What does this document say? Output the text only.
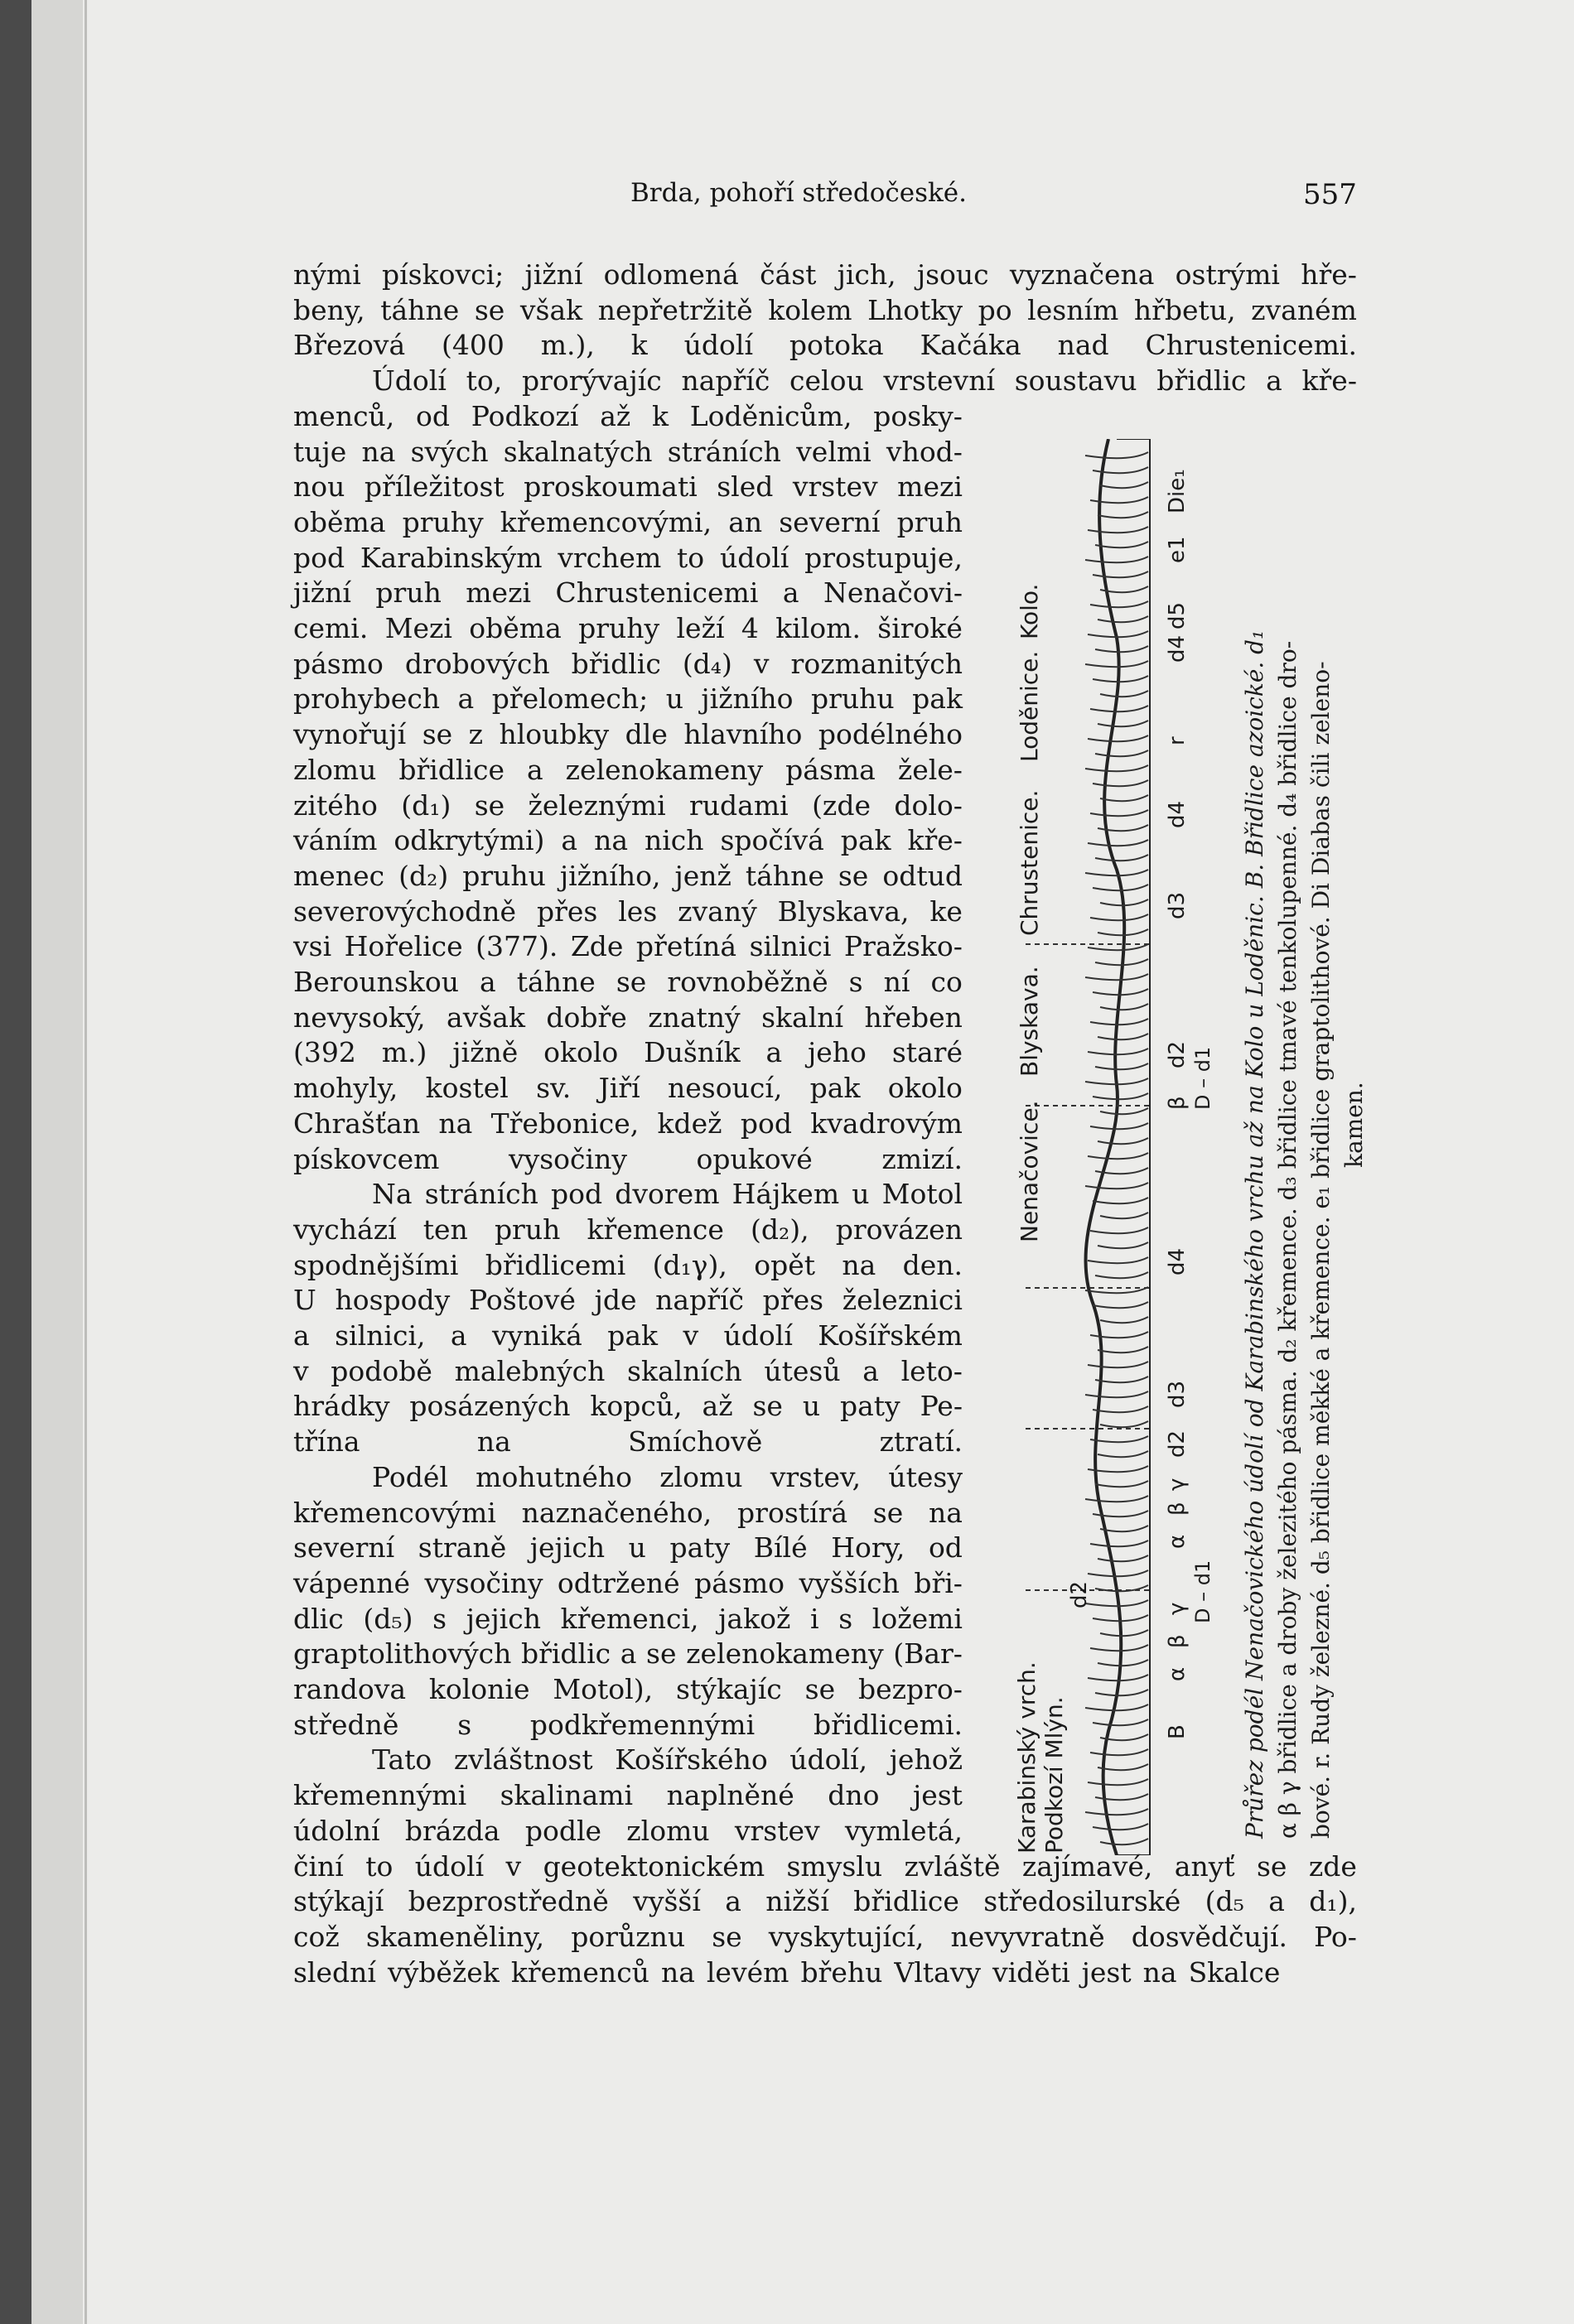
Brda, pohoří středočeské.	557
nými pískovci; jižní odlomená část jich, jsouc vyznačena ostrými hře-
beny, táhne se však nepřetržitě kolem Lhotky po lesním hřbetu, zvaném
Březová (400 m.), k údolí potoka Kačáka nad Chrustenicemi.
Údolí to, prorývajíc napříč celou vrstevní soustavu břidlic a kře-
menců, od Podkozí až k Loděnicům, posky-
tuje na svých skalnatých stráních velmi vhod-
nou příležitost proskoumati sled vrstev mezi
oběma pruhy křemencovými, an severní pruh
pod Karabinským vrchem to údolí prostupuje,
jižní pruh mezi Chrustenicemi a Nenačovi-
cemi. Mezi oběma pruhy leží 4 kilom. široké
pásmo drobových břidlic (d₄) v rozmanitých
prohybech a přelomech; u jižního pruhu pak
vynořují se z hloubky dle hlavního podélného
zlomu břidlice a zelenokameny pásma žele-
zitého (d₁) se železnými rudami (zde dolo-
váním odkrytými) a na nich spočívá pak kře-
menec (d₂) pruhu jižního, jenž táhne se odtud
severovýchodně přes les zvaný Blyskava, ke
vsi Hořelice (377). Zde přetíná silnici Pražsko-
Berounskou a táhne se rovnoběžně s ní co
nevysoký, avšak dobře znatný skalní hřeben
(392 m.) jižně okolo Dušník a jeho staré
mohyly, kostel sv. Jiří nesoucí, pak okolo
Chrašťan na Třebonice, kdež pod kvadrovým
pískovcem	vysočiny	opukové	zmizí.
Na stráních pod dvorem Hájkem u Motol
vychází ten pruh křemence (d₂), provázen
spodnějšími břidlicemi (d₁γ), opět na den.
U hospody Poštové jde napříč přes železnici
a silnici, a vyniká pak v údolí Košířském
v podobě malebných skalních útesů a leto-
hrádky posázených kopců, až se u paty Pe-
třína	na	Smíchově	ztratí.
Podél mohutného zlomu vrstev, útesy
křemencovými naznačeného, prostírá se na
severní straně jejich u paty Bílé Hory, od
vápenné vysočiny odtržené pásmo vyšších bři-
dlic (d₅) s jejich křemenci, jakož i s ložemi
graptolithových břidlic a se zelenokameny (Bar-
randova kolonie Motol), stýkajíc se bezpro-
středně s podkřemennými břidlicemi.
Tato zvláštnost Košířského údolí, jehož
křemennými skalinami naplněné dno jest
údolní brázda podle zlomu vrstev vymletá,
činí to údolí v geotektonickém smyslu zvláště zajímavé, anyť se zde
stýkají bezprostředně vyšší a nižší břidlice středosilurské (d₅ a d₁),
což skameněliny, porůznu se vyskytující, nevyvratně dosvědčují. Po-
slední výběžek křemenců na levém břehu Vltavy viděti jest na Skalce
Karabinský vrch. Podkozí Mlýn.
Nenačovice.
Blyskava.
Chrustenice.
Loděnice.
Kolo.
d2
B
α
β
γ
α
β
γ
d2
d3
d4
β
d2
d3
d4
r
d4
d5
e1
Die₁
D – d1
D – d1 Průřez podél Nenačovického údolí od Karabinského vrchu až na Kolo u Loděnic. B. Břidlice azoické. d₁ α β γ břidlice a droby železitého pásma. d₂ křemence. d₃ břidlice tmavé tenkolupenné. d₄ břidlice dro- bové. r. Rudy železné. d₅ břidlice měkké a křemence. e₁ břidlice graptolithové. Di Diabas čili zeleno- kamen.
